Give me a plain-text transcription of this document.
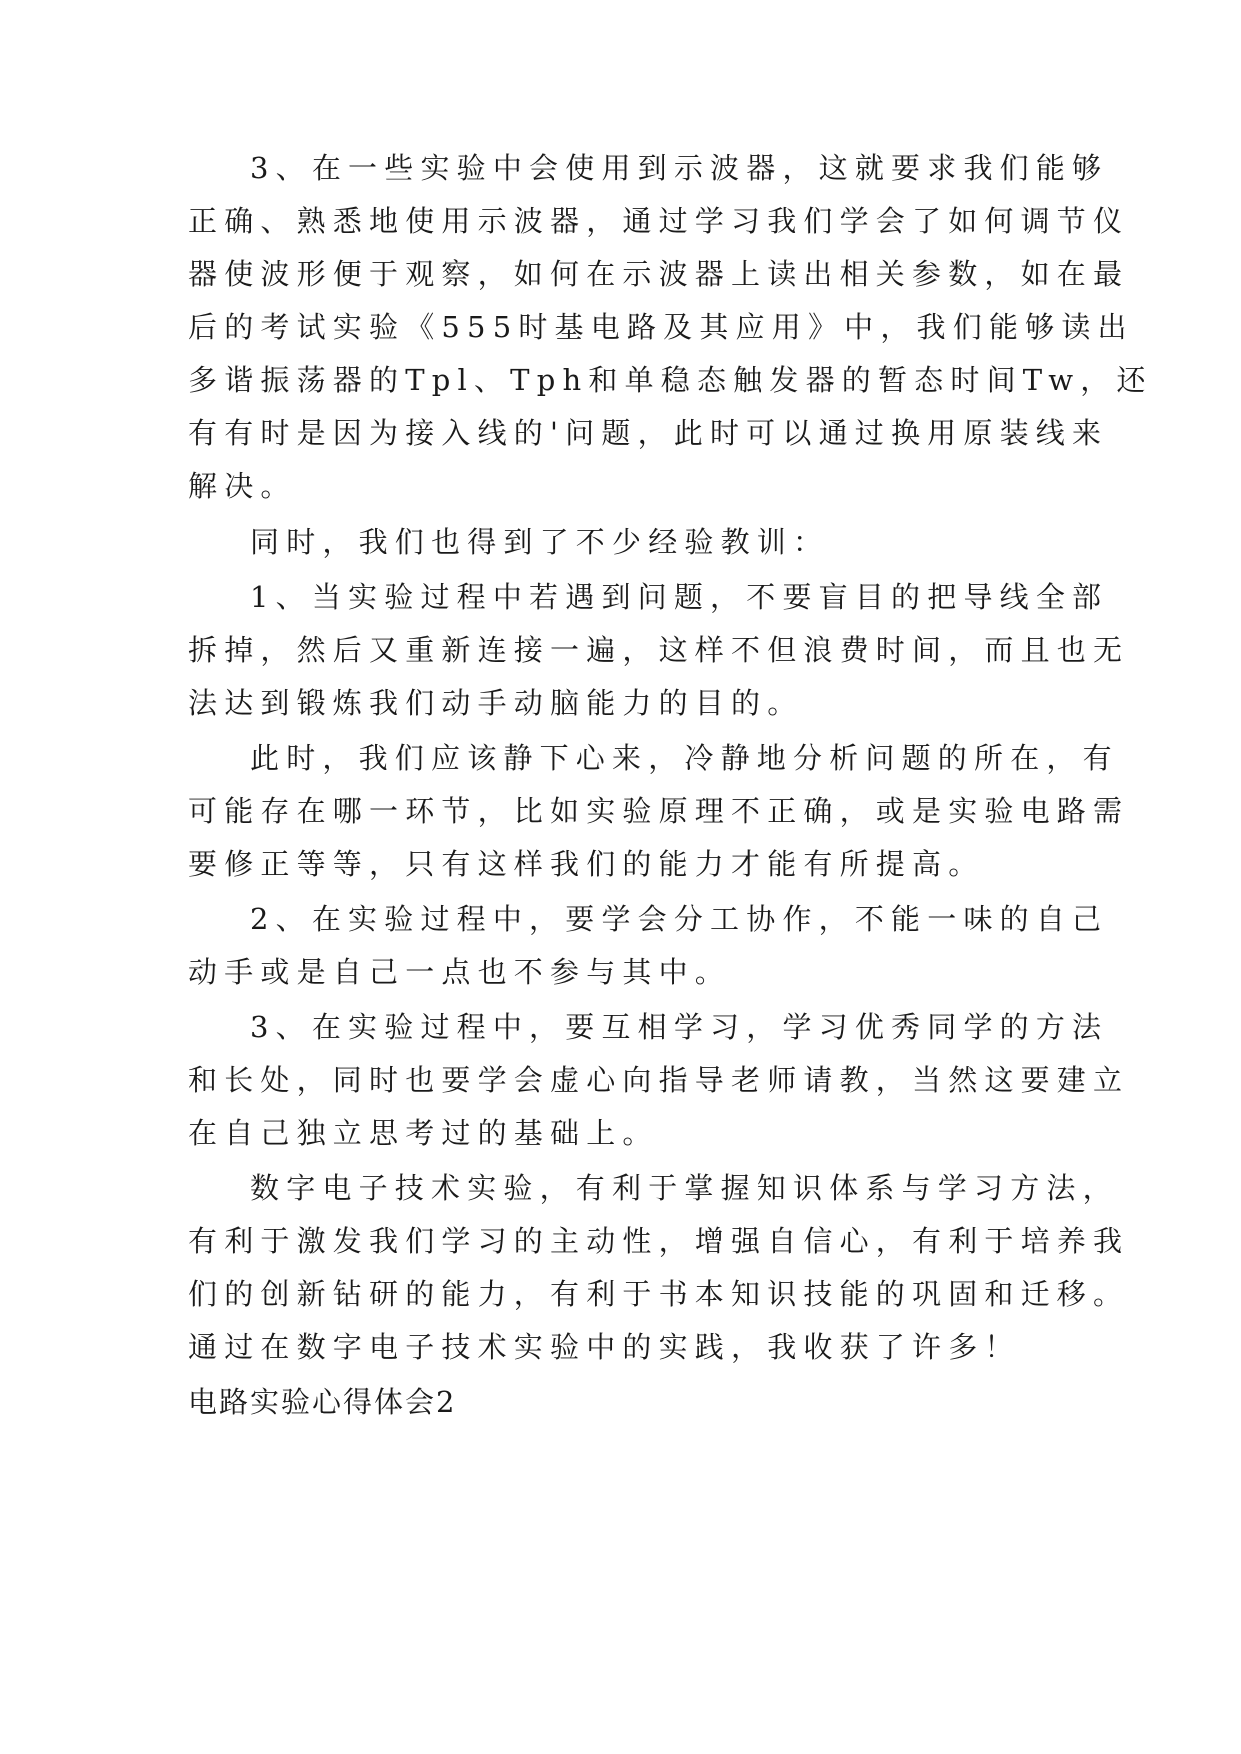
3、在一些实验中会使用到示波器，这就要求我们能够
正确、熟悉地使用示波器，通过学习我们学会了如何调节仪
器使波形便于观察，如何在示波器上读出相关参数，如在最
后的考试实验《555时基电路及其应用》中，我们能够读出
多谐振荡器的Tpl、Tph和单稳态触发器的暂态时间Tw，还
有有时是因为接入线的'问题，此时可以通过换用原装线来
解决。
同时，我们也得到了不少经验教训：
1、当实验过程中若遇到问题，不要盲目的把导线全部
拆掉，然后又重新连接一遍，这样不但浪费时间，而且也无
法达到锻炼我们动手动脑能力的目的。
此时，我们应该静下心来，冷静地分析问题的所在，有
可能存在哪一环节，比如实验原理不正确，或是实验电路需
要修正等等，只有这样我们的能力才能有所提高。
2、在实验过程中，要学会分工协作，不能一味的自己
动手或是自己一点也不参与其中。
3、在实验过程中，要互相学习，学习优秀同学的方法
和长处，同时也要学会虚心向指导老师请教，当然这要建立
在自己独立思考过的基础上。
数字电子技术实验，有利于掌握知识体系与学习方法，
有利于激发我们学习的主动性，增强自信心，有利于培养我
们的创新钻研的能力，有利于书本知识技能的巩固和迁移。
通过在数字电子技术实验中的实践，我收获了许多！
电路实验心得体会2
